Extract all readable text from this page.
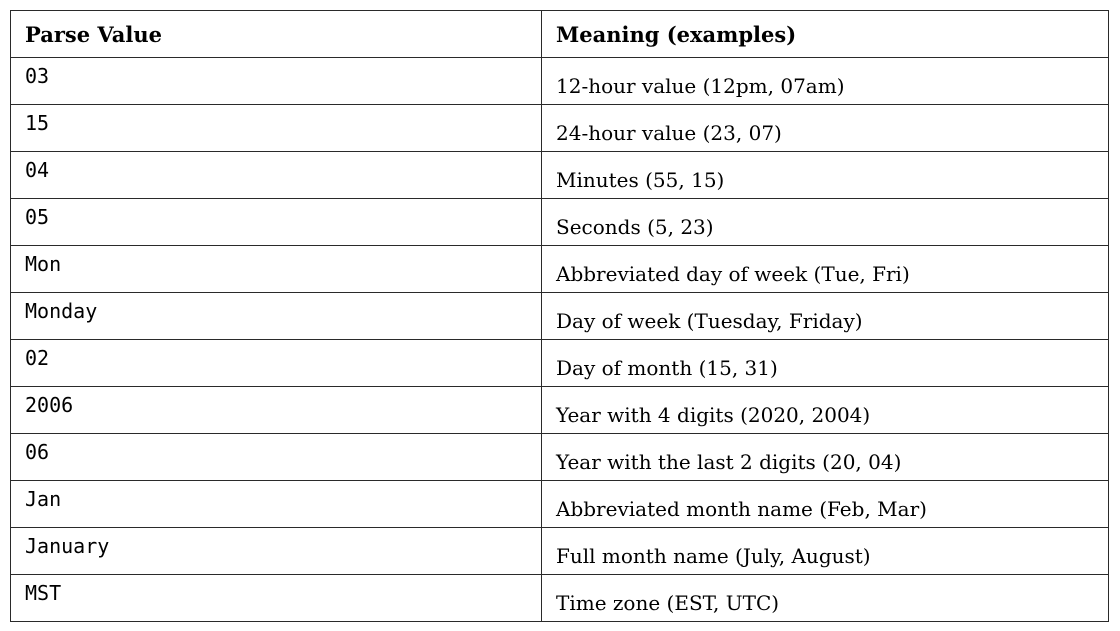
Parse Value	Meaning (examples)
03	12-hour value (12pm, 07am)
15	24-hour value (23, 07)
04	Minutes (55, 15)
05	Seconds (5, 23)
Mon	Abbreviated day of week (Tue, Fri)
Monday	Day of week (Tuesday, Friday)
02	Day of month (15, 31)
2006	Year with 4 digits (2020, 2004)
06	Year with the last 2 digits (20, 04)
Jan	Abbreviated month name (Feb, Mar)
January	Full month name (July, August)
MST	Time zone (EST, UTC)
